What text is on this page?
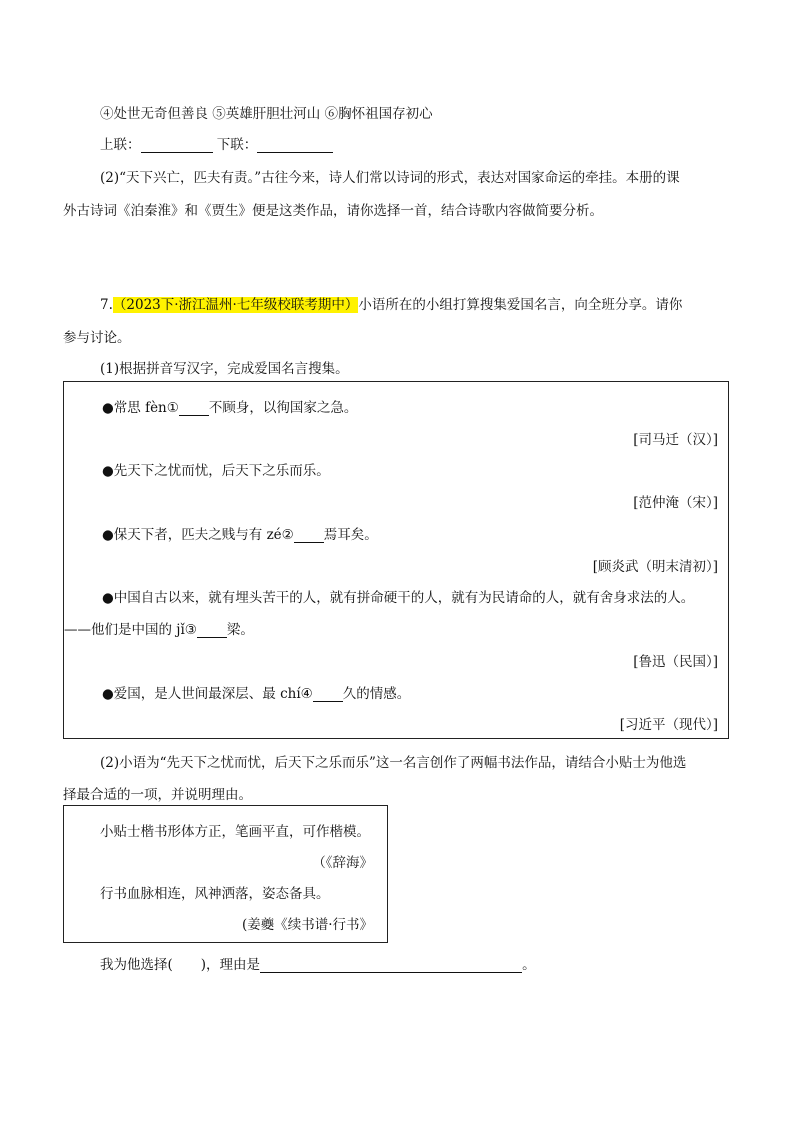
④处世无奇但善良 ⑤英雄肝胆壮河山 ⑥胸怀祖国存初心
上联：	下联：
(2)“天下兴亡，匹夫有责。”古往今来，诗人们常以诗词的形式，表达对国家命运的牵挂。本册的课
外古诗词《泊秦淮》和《贾生》便是这类作品，请你选择一首，结合诗歌内容做简要分析。
7.（2023下·浙江温州·七年级校联考期中）小语所在的小组打算搜集爱国名言，向全班分享。请你
参与讨论。
(1)根据拼音写汉字，完成爱国名言搜集。
●常思 fèn① 不顾身，以徇国家之急。
[司马迁（汉）]
●先天下之忧而忧，后天下之乐而乐。
[范仲淹（宋）]
●保天下者，匹夫之贱与有 zé② 焉耳矣。
[顾炎武（明末清初）]
●中国自古以来，就有埋头苦干的人，就有拼命硬干的人，就有为民请命的人，就有舍身求法的人。
——他们是中国的 jǐ③ 梁。
[鲁迅（民国）]
●爱国，是人世间最深层、最 chí④ 久的情感。
[习近平（现代）]
(2)小语为“先天下之忧而忧，后天下之乐而乐”这一名言创作了两幅书法作品，请结合小贴士为他选
择最合适的一项，并说明理由。
小贴士楷书形体方正，笔画平直，可作楷模。
（《辞海》
行书血脉相连，风神洒落，姿态备具。
(姜夔《续书谱·行书》
我为他选择( )，理由是	。
